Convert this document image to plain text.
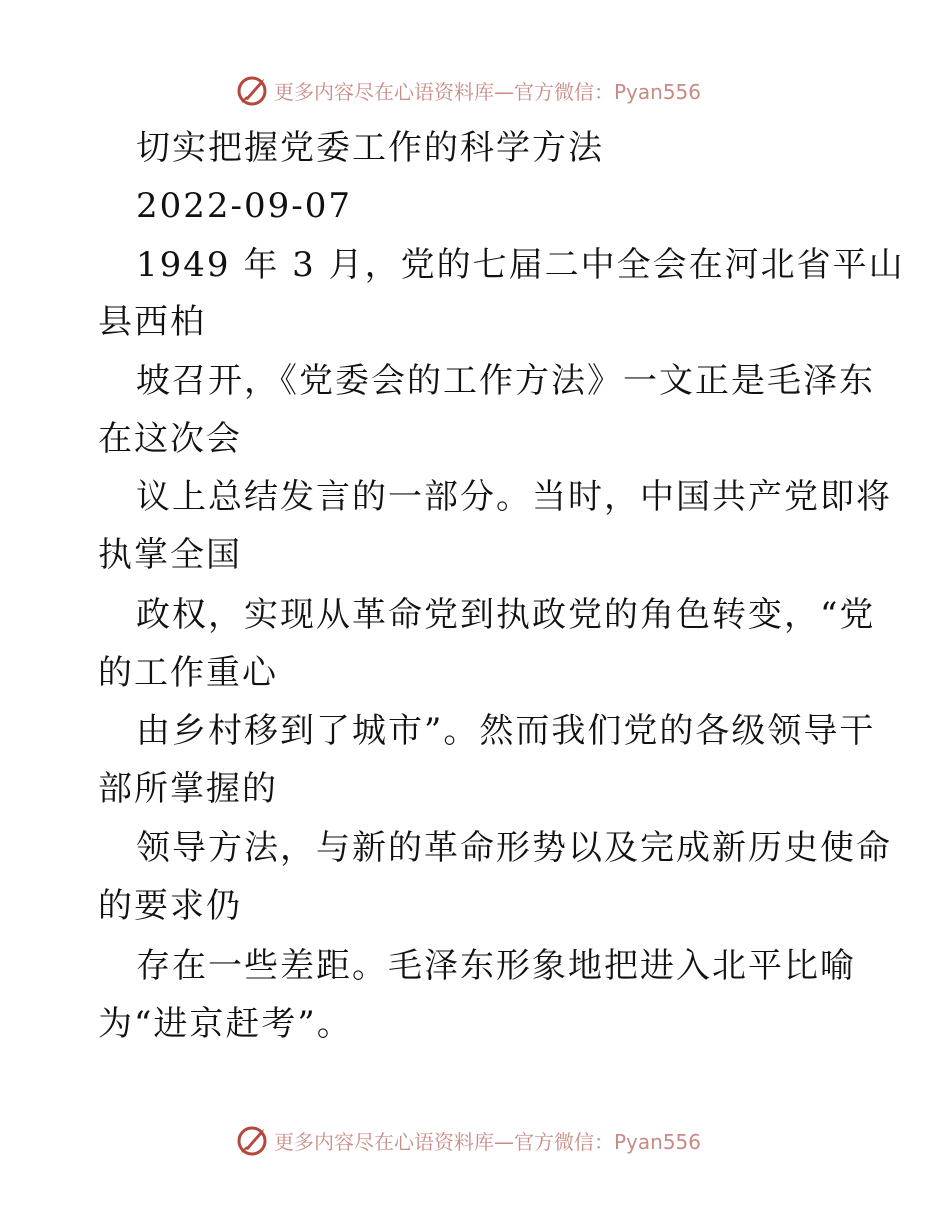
更多内容尽在心语资料库—官方微信：Pyan556
切实把握党委工作的科学方法
2022-09-07
1949 年 3 月，党的七届二中全会在河北省平山
县西柏
坡召开，《党委会的工作方法》一文正是毛泽东
在这次会
议上总结发言的一部分。当时，中国共产党即将
执掌全国
政权，实现从革命党到执政党的角色转变，“党
的工作重心
由乡村移到了城市”。然而我们党的各级领导干
部所掌握的
领导方法，与新的革命形势以及完成新历史使命
的要求仍
存在一些差距。毛泽东形象地把进入北平比喻
为“进京赶考”。
更多内容尽在心语资料库—官方微信：Pyan556
